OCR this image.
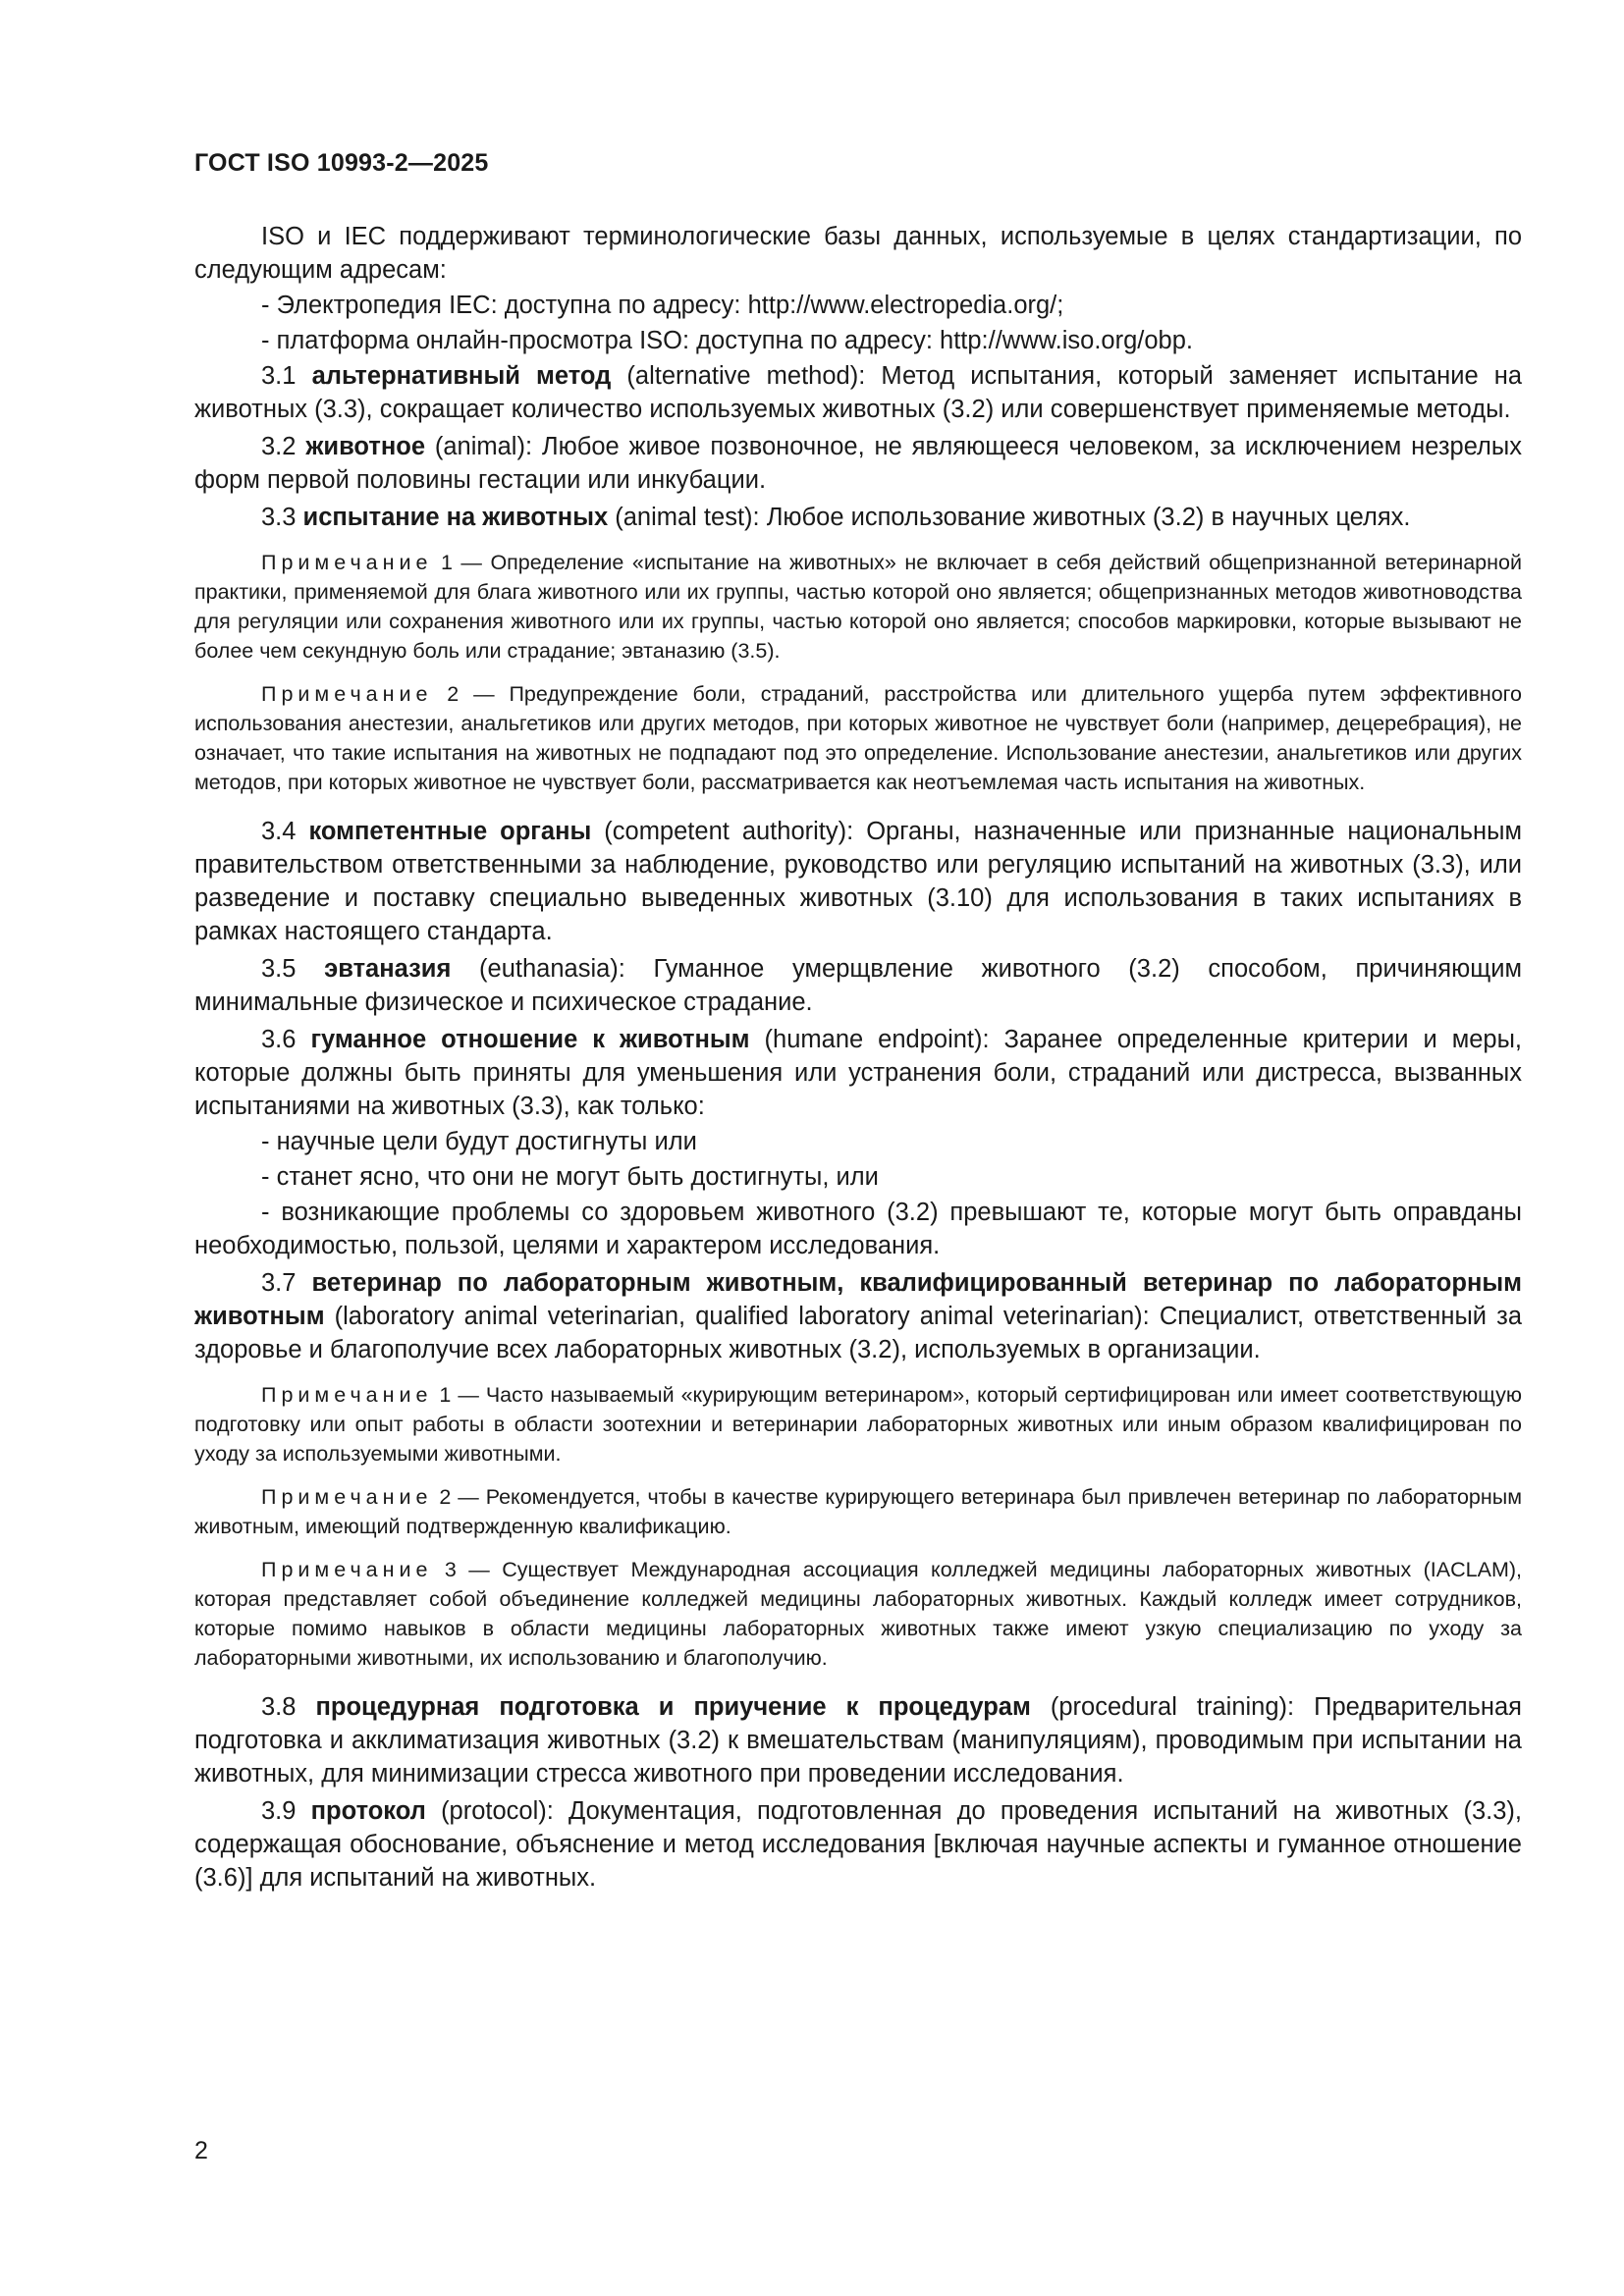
ГОСТ ISO 10993-2—2025

ISO и IEC поддерживают терминологические базы данных, используемые в целях стандартизации, по следующим адресам:

- Электропедия IEC: доступна по адресу: http://www.electropedia.org/;

- платформа онлайн-просмотра ISO: доступна по адресу: http://www.iso.org/obp.

3.1 альтернативный метод (alternative method): Метод испытания, который заменяет испытание на животных (3.3), сокращает количество используемых животных (3.2) или совершенствует применяемые методы.

3.2 животное (animal): Любое живое позвоночное, не являющееся человеком, за исключением незрелых форм первой половины гестации или инкубации.

3.3 испытание на животных (animal test): Любое использование животных (3.2) в научных целях.

Примечание 1 — Определение «испытание на животных» не включает в себя действий общепризнанной ветеринарной практики, применяемой для блага животного или их группы, частью которой оно является; общепризнанных методов животноводства для регуляции или сохранения животного или их группы, частью которой оно является; способов маркировки, которые вызывают не более чем секундную боль или страдание; эвтаназию (3.5).

Примечание 2 — Предупреждение боли, страданий, расстройства или длительного ущерба путем эффективного использования анестезии, анальгетиков или других методов, при которых животное не чувствует боли (например, децеребрация), не означает, что такие испытания на животных не подпадают под это определение. Использование анестезии, анальгетиков или других методов, при которых животное не чувствует боли, рассматривается как неотъемлемая часть испытания на животных.

3.4 компетентные органы (competent authority): Органы, назначенные или признанные национальным правительством ответственными за наблюдение, руководство или регуляцию испытаний на животных (3.3), или разведение и поставку специально выведенных животных (3.10) для использования в таких испытаниях в рамках настоящего стандарта.

3.5 эвтаназия (euthanasia): Гуманное умерщвление животного (3.2) способом, причиняющим минимальные физическое и психическое страдание.

3.6 гуманное отношение к животным (humane endpoint): Заранее определенные критерии и меры, которые должны быть приняты для уменьшения или устранения боли, страданий или дистресса, вызванных испытаниями на животных (3.3), как только:

- научные цели будут достигнуты или

- станет ясно, что они не могут быть достигнуты, или

- возникающие проблемы со здоровьем животного (3.2) превышают те, которые могут быть оправданы необходимостью, пользой, целями и характером исследования.

3.7 ветеринар по лабораторным животным, квалифицированный ветеринар по лабораторным животным (laboratory animal veterinarian, qualified laboratory animal veterinarian): Специалист, ответственный за здоровье и благополучие всех лабораторных животных (3.2), используемых в организации.

Примечание 1 — Часто называемый «курирующим ветеринаром», который сертифицирован или имеет соответствующую подготовку или опыт работы в области зоотехнии и ветеринарии лабораторных животных или иным образом квалифицирован по уходу за используемыми животными.

Примечание 2 — Рекомендуется, чтобы в качестве курирующего ветеринара был привлечен ветеринар по лабораторным животным, имеющий подтвержденную квалификацию.

Примечание 3 — Существует Международная ассоциация колледжей медицины лабораторных животных (IACLAM), которая представляет собой объединение колледжей медицины лабораторных животных. Каждый колледж имеет сотрудников, которые помимо навыков в области медицины лабораторных животных также имеют узкую специализацию по уходу за лабораторными животными, их использованию и благополучию.

3.8 процедурная подготовка и приучение к процедурам (procedural training): Предварительная подготовка и акклиматизация животных (3.2) к вмешательствам (манипуляциям), проводимым при испытании на животных, для минимизации стресса животного при проведении исследования.

3.9 протокол (protocol): Документация, подготовленная до проведения испытаний на животных (3.3), содержащая обоснование, объяснение и метод исследования [включая научные аспекты и гуманное отношение (3.6)] для испытаний на животных.

2
